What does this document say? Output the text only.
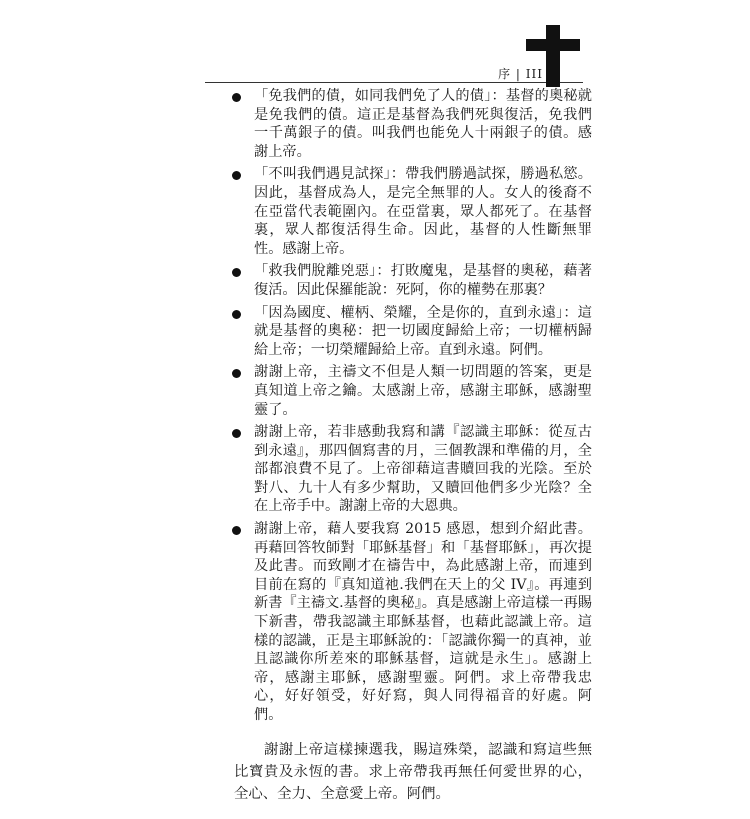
序 | III
「免我們的債，如同我們免了人的債」：基督的奧秘就是免我們的債。這正是基督為我們死與復活，免我們一千萬銀子的債。叫我們也能免人十兩銀子的債。感謝上帝。
「不叫我們遇見試探」：帶我們勝過試探，勝過私慾。因此，基督成為人，是完全無罪的人。女人的後裔不在亞當代表範圍內。在亞當裏，眾人都死了。在基督裏，眾人都復活得生命。因此，基督的人性斷無罪性。感謝上帝。
「救我們脫離兇惡」：打敗魔鬼，是基督的奧秘，藉著復活。因此保羅能說：死阿，你的權勢在那裏？
「因為國度、權柄、榮耀，全是你的，直到永遠」：這就是基督的奧秘：把一切國度歸給上帝；一切權柄歸給上帝；一切榮耀歸給上帝。直到永遠。阿們。
謝謝上帝，主禱文不但是人類一切問題的答案，更是真知道上帝之鑰。太感謝上帝，感謝主耶穌，感謝聖靈了。
謝謝上帝，若非感動我寫和講『認識主耶穌：從亙古到永遠』，那四個寫書的月，三個教課和準備的月，全部都浪費不見了。上帝卻藉這書贖回我的光陰。至於對八、九十人有多少幫助，又贖回他們多少光陰？全在上帝手中。謝謝上帝的大恩典。
謝謝上帝，藉人要我寫 2015 感恩，想到介紹此書。再藉回答牧師對「耶穌基督」和「基督耶穌」，再次提及此書。而致剛才在禱告中，為此感謝上帝，而連到目前在寫的『真知道祂.我們在天上的父 IV』。再連到新書『主禱文.基督的奧秘』。真是感謝上帝這樣一再賜下新書，帶我認識主耶穌基督，也藉此認識上帝。這樣的認識，正是主耶穌說的：「認識你獨一的真神，並且認識你所差來的耶穌基督，這就是永生」。感謝上帝，感謝主耶穌，感謝聖靈。阿們。求上帝帶我忠心，好好領受，好好寫，與人同得福音的好處。阿們。

謝謝上帝這樣揀選我，賜這殊榮，認識和寫這些無比寶貴及永恆的書。求上帝帶我再無任何愛世界的心，全心、全力、全意愛上帝。阿們。
